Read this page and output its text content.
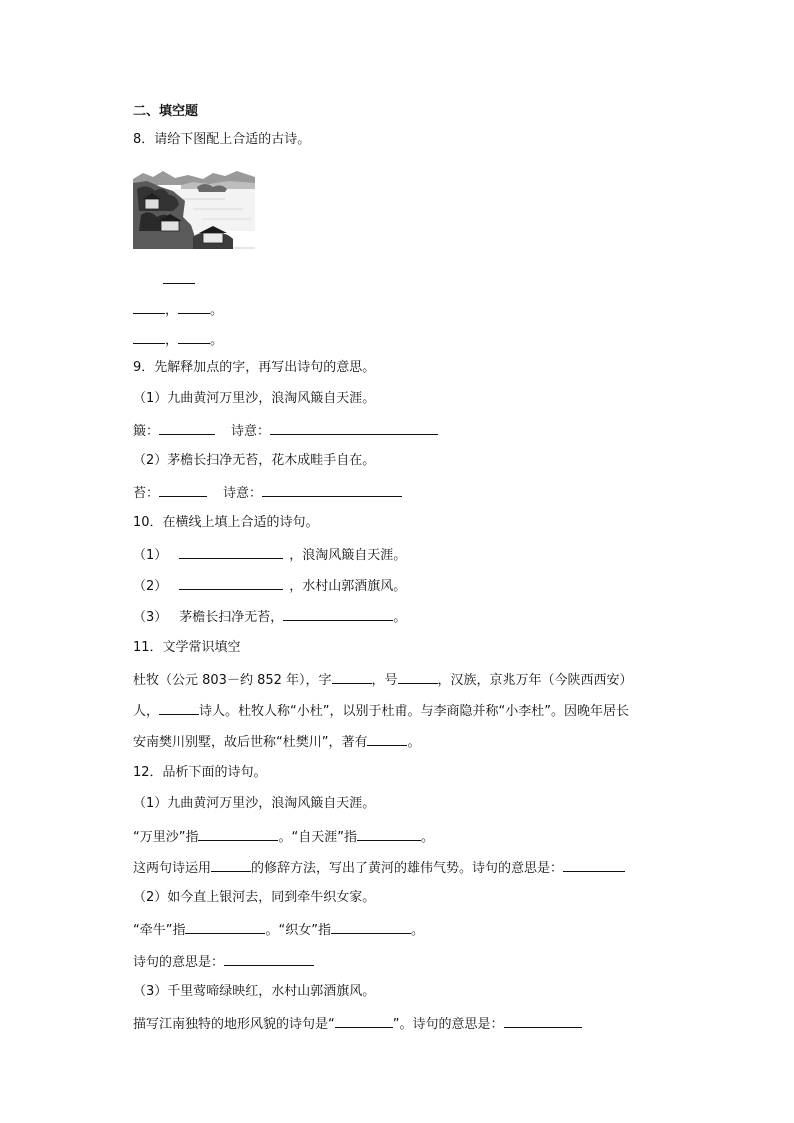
二、填空题
8．请给下图配上合适的古诗。
， 。
， 。
9．先解释加点的字，再写出诗句的意思。
（1）九曲黄河万里沙，浪淘风簸自天涯。
簸：	诗意：
（2）茅檐长扫净无苔，花木成畦手自在。
苔：	诗意：
10．在横线上填上合适的诗句。
（1）	，浪淘风簸自天涯。
（2）	，水村山郭酒旗风。
（3） 茅檐长扫净无苔，	。
11．文学常识填空
杜牧（公元 803－约 852 年），字	，号	，汉族，京兆万年（今陕西西安）
人，	诗人。杜牧人称“小杜”，以别于杜甫。与李商隐并称“小李杜”。因晚年居长
安南樊川别墅，故后世称“杜樊川”，著有	。
12．品析下面的诗句。
（1）九曲黄河万里沙，浪淘风簸自天涯。
“万里沙”指	。“自天涯”指	。
这两句诗运用	的修辞方法，写出了黄河的雄伟气势。诗句的意思是：
（2）如今直上银河去，同到牵牛织女家。
“牵牛”指	。“织女”指	。
诗句的意思是：
（3）千里莺啼绿映红，水村山郭酒旗风。
描写江南独特的地形风貌的诗句是“	”。诗句的意思是：
